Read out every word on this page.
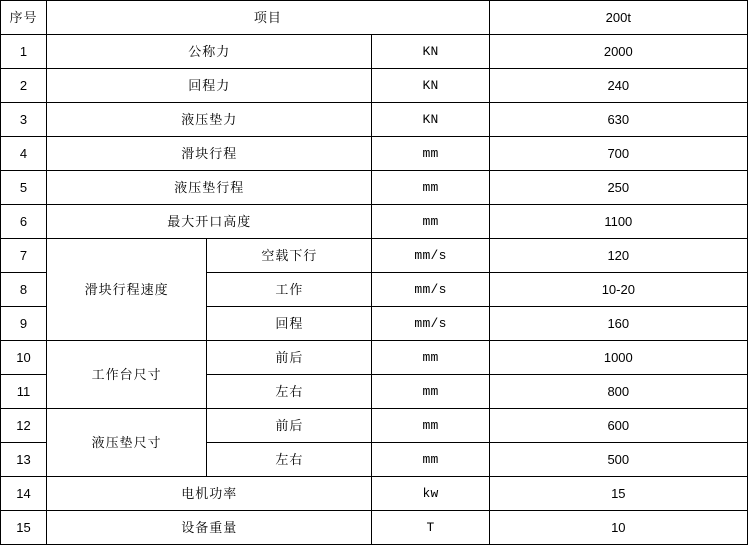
序号	项目			200t
1	公称力		KN	2000
2	回程力		KN	240
3	液压垫力		KN	630
4	滑块行程		mm	700
5	液压垫行程		mm	250
6	最大开口高度		mm	1100
7	滑块行程速度	空载下行	mm/s	120
8		工作	mm/s	10-20
9		回程	mm/s	160
10	工作台尺寸	前后	mm	1000
11		左右	mm	800
12	液压垫尺寸	前后	mm	600
13		左右	mm	500
14	电机功率		kw	15
15	设备重量		T	10
